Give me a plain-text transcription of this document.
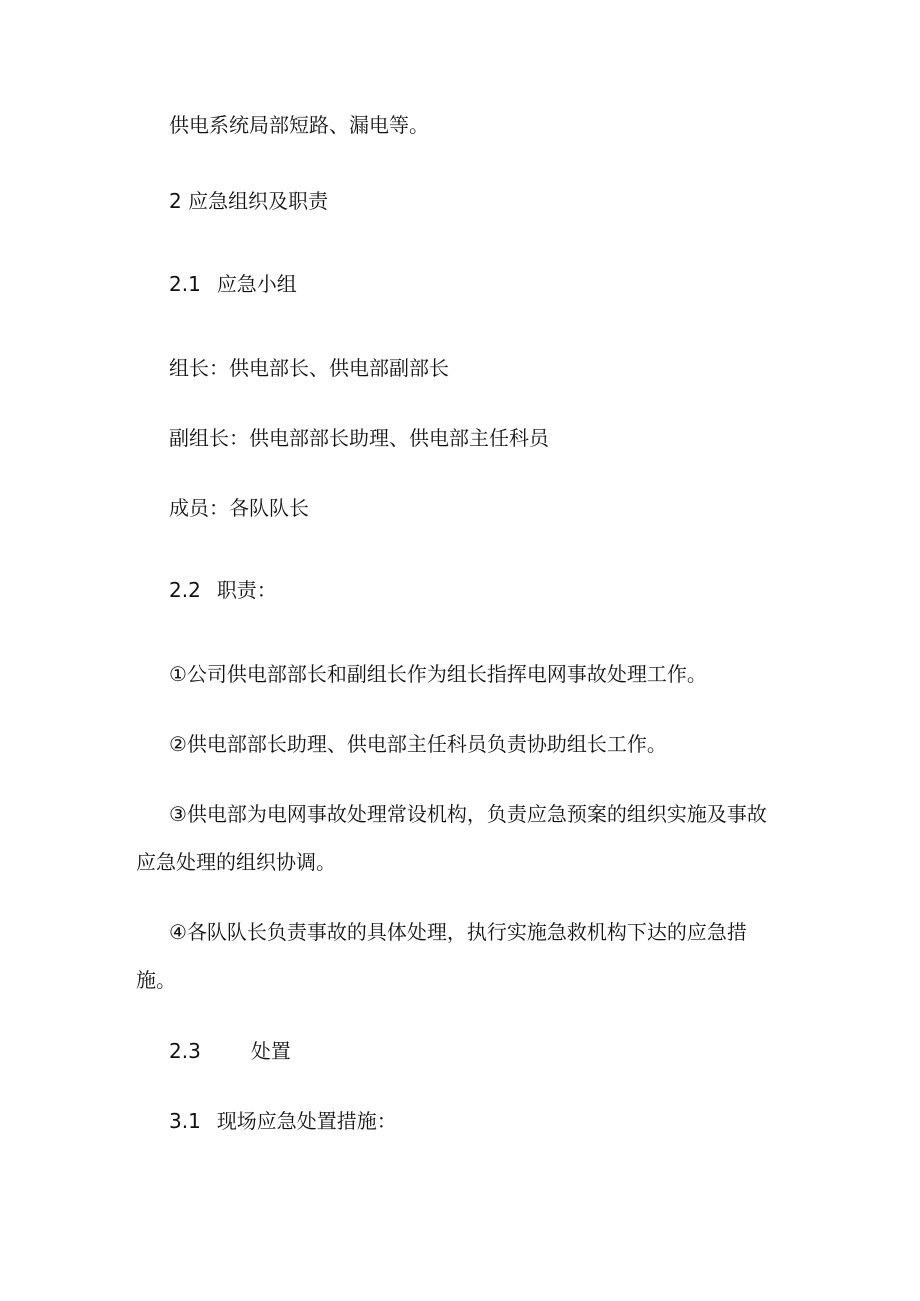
供电系统局部短路、漏电等。

2 应急组织及职责

2.1 应急小组

组长：供电部长、供电部副部长

副组长：供电部部长助理、供电部主任科员

成员：各队队长

2.2 职责：

①公司供电部部长和副组长作为组长指挥电网事故处理工作。

②供电部部长助理、供电部主任科员负责协助组长工作。

③供电部为电网事故处理常设机构，负责应急预案的组织实施及事故

应急处理的组织协调。

④各队队长负责事故的具体处理，执行实施急救机构下达的应急措

施。

2.3	处置

3.1 现场应急处置措施：
